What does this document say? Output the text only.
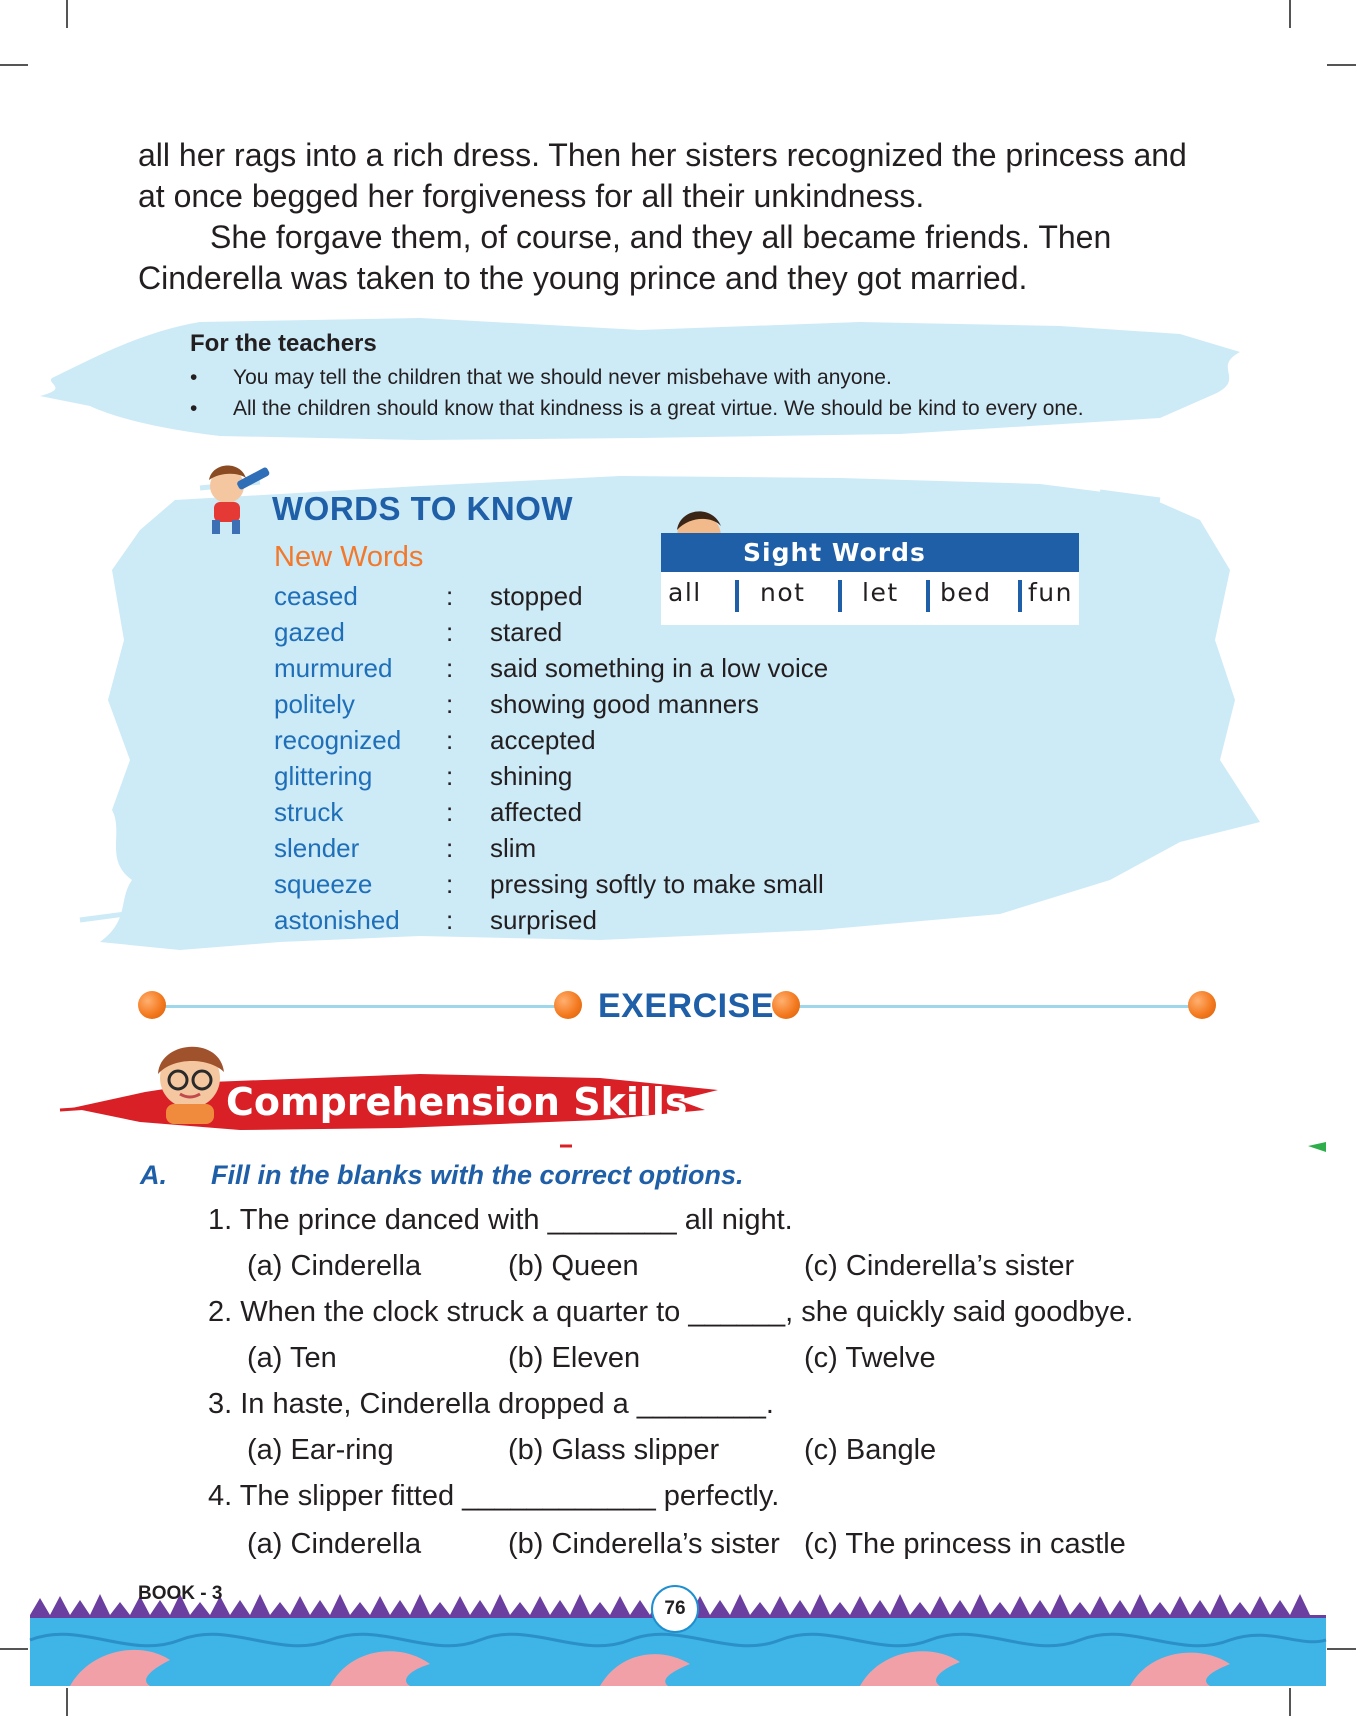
all her rags into a rich dress. Then her sisters recognized the princess and at once begged her forgiveness for all their unkindness.

She forgave them, of course, and they all became friends. Then Cinderella was taken to the young prince and they got married.

For the teachers
• You may tell the children that we should never misbehave with anyone.
• All the children should know that kindness is a great virtue. We should be kind to every one.
WORDS TO KNOW
New Words
ceased	: stopped
gazed	: stared
murmured : said something in a low voice
politely	: showing good manners
recognized : accepted
glittering	: shining
struck	: affected
slender	: slim
squeeze	: pressing softly to make small
astonished : surprised
Sight Words
all not let bed fun
EXERCISE
Comprehension Skills
A. Fill in the blanks with the correct options.
1. The prince danced with ________ all night.
(a) Cinderella	(b) Queen	(c) Cinderella’s sister
2. When the clock struck a quarter to ______, she quickly said goodbye.
(a) Ten	(b) Eleven	(c) Twelve
3. In haste, Cinderella dropped a ________.
(a) Ear-ring	(b) Glass slipper	(c) Bangle
4. The slipper fitted ____________ perfectly.
(a) Cinderella	(b) Cinderella’s sister (c) The princess in castle
BOOK - 3
76
